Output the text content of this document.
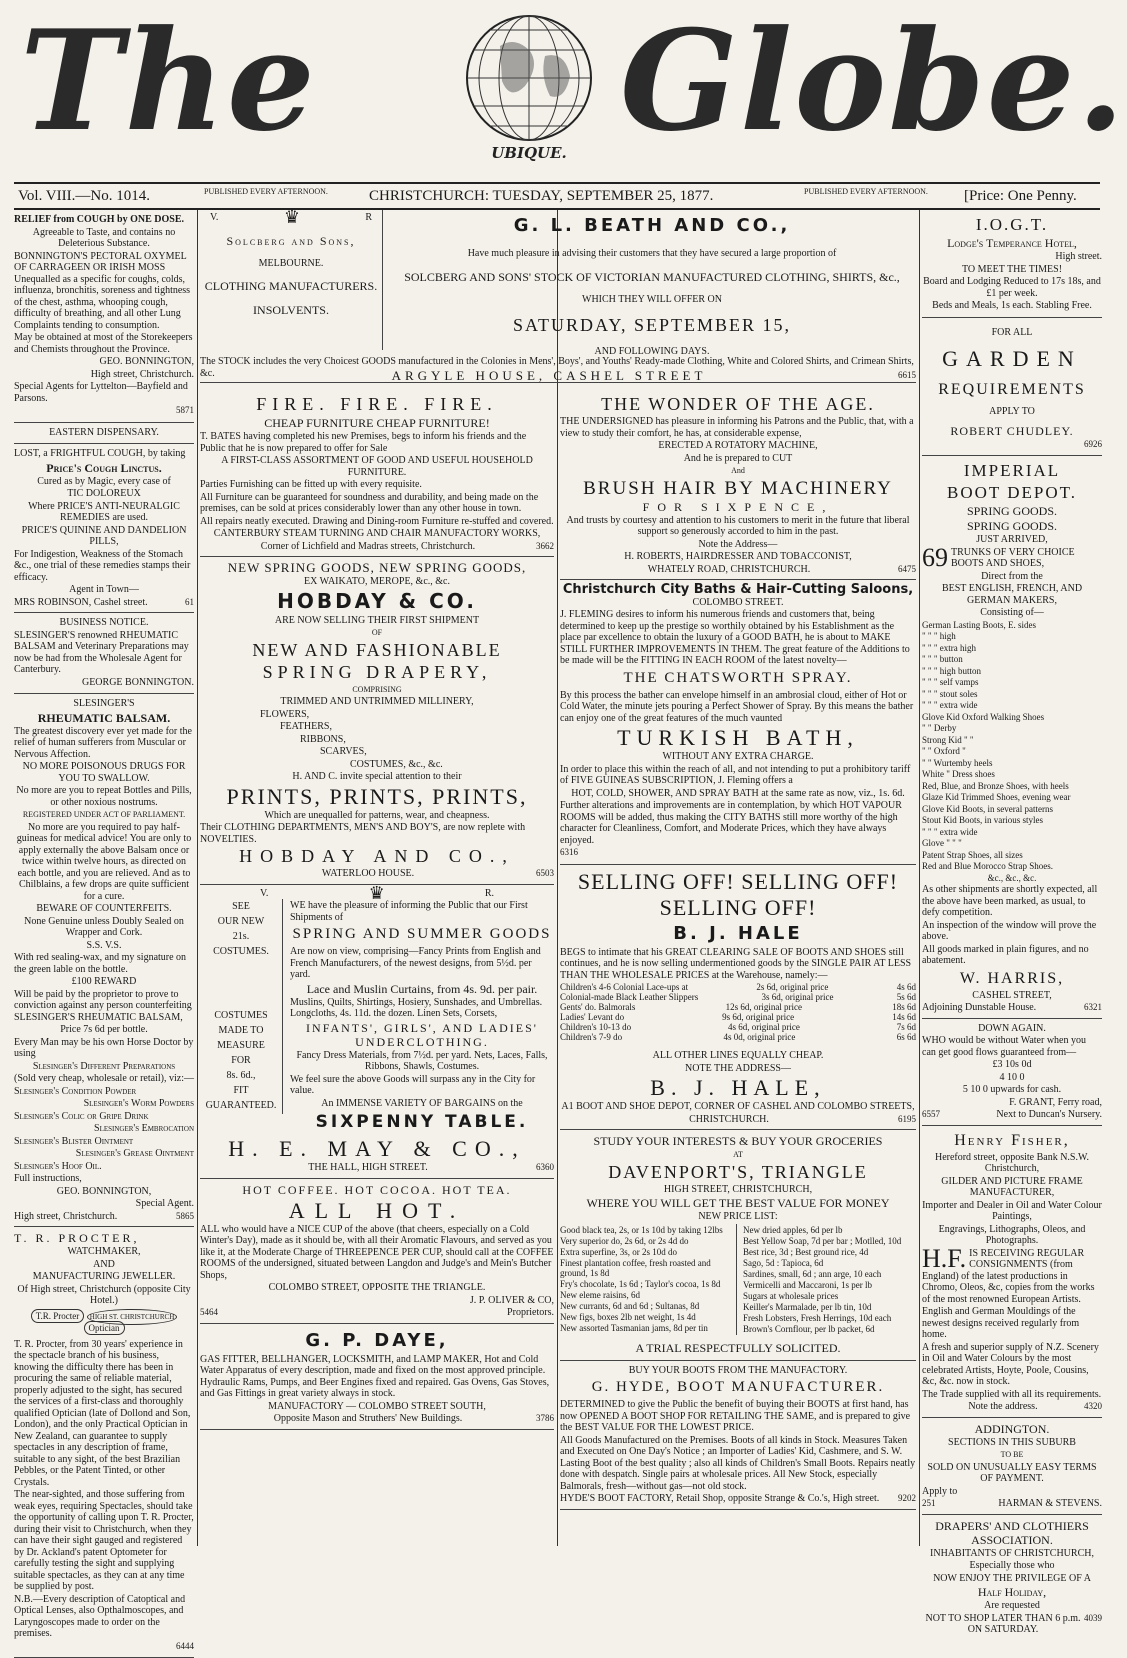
The	UBIQUE. Globe.
Vol. VIII.—No. 1014.	PUBLISHED EVERY AFTERNOON.	CHRISTCHURCH: TUESDAY, SEPTEMBER 25, 1877.	PUBLISHED EVERY AFTERNOON. [Price: One Penny.

RELIEF from COUGH by ONE DOSE.

Agreeable to Taste, and contains no Deleterious Substance.

BONNINGTON'S PECTORAL OXYMEL OF CARRAGEEN OR IRISH MOSS Unequalled as a specific for coughs, colds, influenza, bronchitis, soreness and tightness of the chest, asthma, whooping cough, difficulty of breathing, and all other Lung Complaints tending to consumption.

May be obtained at most of the Storekeepers and Chemists throughout the Province.

GEO. BONNINGTON,

High street, Christchurch.

Special Agents for Lyttelton—Bayfield and Parsons.

5871

EASTERN DISPENSARY.

LOST, a FRIGHTFUL COUGH, by taking

Price's Cough Linctus.

Cured as by Magic, every case of

TIC DOLOREUX

Where PRICE'S ANTI-NEURALGIC REMEDIES are used.

PRICE'S QUININE AND DANDELION PILLS,

For Indigestion, Weakness of the Stomach &c., one trial of these remedies stamps their efficacy.

Agent in Town—

MRS ROBINSON, Cashel street.	61

BUSINESS NOTICE.

SLESINGER'S renowned RHEUMATIC BALSAM and Veterinary Preparations may now be had from the Wholesale Agent for Canterbury.

GEORGE BONNINGTON.

SLESINGER'S

RHEUMATIC BALSAM.

The greatest discovery ever yet made for the relief of human sufferers from Muscular or Nervous Affection.

NO MORE POISONOUS DRUGS FOR YOU TO SWALLOW.

No more are you to repeat Bottles and Pills, or other noxious nostrums.

REGISTERED UNDER ACT OF PARLIAMENT.

No more are you required to pay half-guineas for medical advice! You are only to apply externally the above Balsam once or twice within twelve hours, as directed on each bottle, and you are relieved. And as to Chilblains, a few drops are quite sufficient for a cure.

BEWARE OF COUNTERFEITS.

None Genuine unless Doubly Sealed on Wrapper and Cork.

S.S. V.S.

With red sealing-wax, and my signature on the green lable on the bottle.

£100 REWARD

Will be paid by the proprietor to prove to conviction against any person counterfeiting SLESINGER'S RHEUMATIC BALSAM,

Price 7s 6d per bottle.

Every Man may be his own Horse Doctor by using

Slesinger's Different Preparations

(Sold very cheap, wholesale or retail), viz:—

Slesinger's Condition Powder

Slesinger's Worm Powders

Slesinger's Colic or Gripe Drink

Slesinger's Embrocation

Slesinger's Blister Ointment

Slesinger's Grease Ointment

Slesinger's Hoof Oil.

Full instructions,

GEO. BONNINGTON,

Special Agent.

High street, Christchurch.	5865

T. R. PROCTER,

WATCHMAKER,

AND

MANUFACTURING JEWELLER.

Of High street, Christchurch (opposite City Hotel.)

T.R. Procter HIGH ST. CHRISTCHURCH Optician

T. R. Procter, from 30 years' experience in the spectacle branch of his business, knowing the difficulty there has been in procuring the same of reliable material, properly adjusted to the sight, has secured the services of a first-class and thoroughly qualified Optician (late of Dollond and Son, London), and the only Practical Optician in New Zealand, can guarantee to supply spectacles in any description of frame, suitable to any sight, of the best Brazilian Pebbles, or the Patent Tinted, or other Crystals.

The near-sighted, and those suffering from weak eyes, requiring Spectacles, should take the opportunity of calling upon T. R. Procter, during their visit to Christchurch, when they can have their sight gauged and registered by Dr. Ackland's patent Optometer for carefully testing the sight and supplying suitable spectacles, as they can at any time be supplied by post.

N.B.—Every description of Catoptical and Optical Lenses, also Opthalmoscopes, and Laryngoscopes made to order on the premises.

6444

V.	♛	R

Solcberg and Sons,

MELBOURNE.

CLOTHING MANUFACTURERS.

INSOLVENTS.

G. L. BEATH AND CO.,

Have much pleasure in advising their customers that they have secured a large proportion of

SOLCBERG AND SONS' STOCK OF VICTORIAN MANUFACTURED CLOTHING, SHIRTS, &c.,

WHICH THEY WILL OFFER ON

SATURDAY, SEPTEMBER 15,

AND FOLLOWING DAYS.

The STOCK includes the very Choicest GOODS manufactured in the Colonies in Mens', Boys', and Youths' Ready-made Clothing, White and Colored Shirts, and Crimean Shirts, &c.	ARGYLE HOUSE, CASHEL STREET	6615

FIRE. FIRE. FIRE.

CHEAP FURNITURE CHEAP FURNITURE!

T. BATES having completed his new Premises, begs to inform his friends and the Public that he is now prepared to offer for Sale

A FIRST-CLASS ASSORTMENT OF GOOD AND USEFUL HOUSEHOLD FURNITURE.

Parties Furnishing can be fitted up with every requisite.

All Furniture can be guaranteed for soundness and durability, and being made on the premises, can be sold at prices considerably lower than any other house in town.

All repairs neatly executed. Drawing and Dining-room Furniture re-stuffed and covered.

CANTERBURY STEAM TURNING AND CHAIR MANUFACTORY WORKS,

Corner of Lichfield and Madras streets, Christchurch.	3662

NEW SPRING GOODS, NEW SPRING GOODS,

EX WAIKATO, MEROPE, &c., &c.

HOBDAY & CO.

ARE NOW SELLING THEIR FIRST SHIPMENT

OF

NEW AND FASHIONABLE

SPRING DRAPERY,

COMPRISING

TRIMMED AND UNTRIMMED MILLINERY,

FLOWERS,

FEATHERS,

RIBBONS,

SCARVES,

COSTUMES, &c., &c.

H. AND C. invite special attention to their

PRINTS, PRINTS, PRINTS,

Which are unequalled for patterns, wear, and cheapness.

Their CLOTHING DEPARTMENTS, MEN'S AND BOY'S, are now replete with NOVELTIES.

HOBDAY AND CO.,

WATERLOO HOUSE.	6503
V.	♛	R.

SEE

OUR NEW

21s.

COSTUMES.

COSTUMES

MADE TO

MEASURE

FOR

8s. 6d.,

FIT

GUARANTEED.

WE have the pleasure of informing the Public that our First Shipments of

SPRING AND SUMMER GOODS

Are now on view, comprising—Fancy Prints from English and French Manufacturers, of the newest designs, from 5½d. per yard.

Lace and Muslin Curtains, from 4s. 9d. per pair.

Muslins, Quilts, Shirtings, Hosiery, Sunshades, and Umbrellas. Longcloths, 4s. 11d. the dozen. Linen Sets, Corsets,

INFANTS', GIRLS', AND LADIES' UNDERCLOTHING.

Fancy Dress Materials, from 7½d. per yard. Nets, Laces, Falls, Ribbons, Shawls, Costumes.

We feel sure the above Goods will surpass any in the City for value.

An IMMENSE VARIETY OF BARGAINS on the

SIXPENNY TABLE.

H. E. MAY & CO.,

THE HALL, HIGH STREET.	6360

HOT COFFEE. HOT COCOA. HOT TEA.

ALL HOT.

ALL who would have a NICE CUP of the above (that cheers, especially on a Cold Winter's Day), made as it should be, with all their Aromatic Flavours, and served as you like it, at the Moderate Charge of THREEPENCE PER CUP, should call at the COFFEE ROOMS of the undersigned, situated between Langdon and Judge's and Mein's Butcher Shops,

COLOMBO STREET, OPPOSITE THE TRIANGLE.

J. P. OLIVER & CO,

5464	Proprietors.

G. P. DAYE,

GAS FITTER, BELLHANGER, LOCKSMITH, and LAMP MAKER, Hot and Cold Water Apparatus of every description, made and fixed on the most approved principle. Hydraulic Rams, Pumps, and Beer Engines fixed and repaired. Gas Ovens, Gas Stoves, and Gas Fittings in great variety always in stock.

MANUFACTORY — COLOMBO STREET SOUTH,

Opposite Mason and Struthers' New Buildings.	3786

THE WONDER OF THE AGE.

THE UNDERSIGNED has pleasure in informing his Patrons and the Public, that, with a view to study their comfort, he has, at considerable expense,

ERECTED A ROTATORY MACHINE,

And he is prepared to CUT

And

BRUSH HAIR BY MACHINERY

FOR SIXPENCE,

And trusts by courtesy and attention to his customers to merit in the future that liberal support so generously accorded to him in the past.

Note the Address—

H. ROBERTS, HAIRDRESSER AND TOBACCONIST,

WHATELY ROAD, CHRISTCHURCH.	6475

Christchurch City Baths & Hair-Cutting Saloons,

COLOMBO STREET.

J. FLEMING desires to inform his numerous friends and customers that, being determined to keep up the prestige so worthily obtained by his Establishment as the place par excellence to obtain the luxury of a GOOD BATH, he is about to MAKE STILL FURTHER IMPROVEMENTS IN THEM. The great feature of the Additions to be made will be the FITTING IN EACH ROOM of the latest novelty—

THE CHATSWORTH SPRAY.

By this process the bather can envelope himself in an ambrosial cloud, either of Hot or Cold Water, the minute jets pouring a Perfect Shower of Spray. By this means the bather can enjoy one of the great features of the much vaunted

TURKISH BATH,

WITHOUT ANY EXTRA CHARGE.

In order to place this within the reach of all, and not intending to put a prohibitory tariff of FIVE GUINEAS SUBSCRIPTION, J. Fleming offers a

HOT, COLD, SHOWER, AND SPRAY BATH at the same rate as now, viz., 1s. 6d.

Further alterations and improvements are in contemplation, by which HOT VAPOUR ROOMS will be added, thus making the CITY BATHS still more worthy of the high character for Cleanliness, Comfort, and Moderate Prices, which they have always enjoyed.

6316

SELLING OFF! SELLING OFF!

SELLING OFF!

B. J. HALE

BEGS to intimate that his GREAT CLEARING SALE OF BOOTS AND SHOES still continues, and he is now selling undermentioned goods by the SINGLE PAIR AT LESS THAN THE WHOLESALE PRICES at the Warehouse, namely:—

Children's 4-6 Colonial Lace-ups at	2s 6d, original price	4s 6d
Colonial-made Black Leather Slippers	3s 6d, original price	5s 6d
Gents' do. Balmorals	12s 6d, original price	18s 6d
Ladies' Levant do	9s 6d, original price	14s 6d
Children's 10-13 do	4s 6d, original price	7s 6d
Children's 7-9 do	4s 0d, original price	6s 6d

ALL OTHER LINES EQUALLY CHEAP.

NOTE THE ADDRESS—

B. J. HALE,

A1 BOOT AND SHOE DEPOT, CORNER OF CASHEL AND COLOMBO STREETS,

CHRISTCHURCH.	6195

STUDY YOUR INTERESTS & BUY YOUR GROCERIES

AT

DAVENPORT'S, TRIANGLE

HIGH STREET, CHRISTCHURCH,

WHERE YOU WILL GET THE BEST VALUE FOR MONEY

NEW PRICE LIST:

Good black tea, 2s, or 1s 10d by taking 12lbs

Very superior do, 2s 6d, or 2s 4d do

Extra superfine, 3s, or 2s 10d do

Finest plantation coffee, fresh roasted and ground, 1s 8d

Fry's chocolate, 1s 6d ; Taylor's cocoa, 1s 8d

New eleme raisins, 6d

New currants, 6d and 6d ; Sultanas, 8d

New figs, boxes 2lb net weight, 1s 4d

New assorted Tasmanian jams, 8d per tin

New dried apples, 6d per lb

Best Yellow Soap, 7d per bar ; Motlled, 10d

Best rice, 3d ; Best ground rice, 4d

Sago, 5d : Tapioca, 6d

Sardines, small, 6d ; ann arge, 10 each

Vermicelli and Maccaroni, 1s per lb

Sugars at wholesale prices

Keiller's Marmalade, per lb tin, 10d

Fresh Lobsters, Fresh Herrings, 10d each

Brown's Cornflour, per lb packet, 6d

A TRIAL RESPECTFULLY SOLICITED.

BUY YOUR BOOTS FROM THE MANUFACTORY.

G. HYDE, BOOT MANUFACTURER.

DETERMINED to give the Public the benefit of buying their BOOTS at first hand, has now OPENED A BOOT SHOP FOR RETAILING THE SAME, and is prepared to give the BEST VALUE FOR THE LOWEST PRICE.

All Goods Manufactured on the Premises. Boots of all kinds in Stock. Measures Taken and Executed on One Day's Notice ; an Importer of Ladies' Kid, Cashmere, and S. W. Lasting Boot of the best quality ; also all kinds of Children's Small Boots. Repairs neatly done with despatch. Single pairs at wholesale prices. All New Stock, especially Balmorals, fresh—without gas—not old stock.

HYDE'S BOOT FACTORY, Retail Shop, opposite Strange & Co.'s, High street. 9202

I.O.G.T.

Lodge's Temperance Hotel,

High street.

TO MEET THE TIMES!

Board and Lodging Reduced to 17s 18s, and £1 per week.

Beds and Meals, 1s each. Stabling Free.

FOR ALL

GARDEN

REQUIREMENTS

APPLY TO

ROBERT CHUDLEY.

6926

IMPERIAL

BOOT DEPOT.

SPRING GOODS.

SPRING GOODS.

JUST ARRIVED,

69 TRUNKS OF VERY CHOICE BOOTS AND SHOES,

Direct from the

BEST ENGLISH, FRENCH, AND GERMAN MAKERS,

Consisting of—

German Lasting Boots, E. sides

" " " high

" " " extra high

" " " button

" " " high button

" " " self vamps

" " " stout soles

" " " extra wide

Glove Kid Oxford Walking Shoes

" " Derby

Strong Kid " "

" " Oxford "

" " Wurtemby heels

White " Dress shoes

Red, Blue, and Bronze Shoes, with heels

Glaze Kid Trimmed Shoes, evening wear

Glove Kid Boots, in several patterns

Stout Kid Boots, in various styles

" " " extra wide

Glove " " "

Patent Strap Shoes, all sizes

Red and Blue Morocco Strap Shoes.

&c., &c., &c.

As other shipments are shortly expected, all the above have been marked, as usual, to defy competition.

An inspection of the window will prove the above.

All goods marked in plain figures, and no abatement.

W. HARRIS,

CASHEL STREET,

Adjoining Dunstable House.	6321

DOWN AGAIN.

WHO would be without Water when you can get good flows guaranteed from—

£3 10s 0d

4 10 0

5 10 0 upwards for cash.

F. GRANT, Ferry road,

6557	Next to Duncan's Nursery.

Henry Fisher,

Hereford street, opposite Bank N.S.W. Christchurch,

GILDER AND PICTURE FRAME MANUFACTURER,

Importer and Dealer in Oil and Water Colour Paintings,

Engravings, Lithographs, Oleos, and Photographs.

H.F. IS RECEIVING REGULAR CONSIGNMENTS (from England) of the latest productions in Chromo, Oleos, &c, copies from the works of the most renowned European Artists.

English and German Mouldings of the newest designs received regularly from home.

A fresh and superior supply of N.Z. Scenery in Oil and Water Colours by the most celebrated Artists, Hoyte, Poole, Cousins, &c, &c. now in stock.

The Trade supplied with all its requirements.

Note the address.	4320

ADDINGTON.

SECTIONS IN THIS SUBURB

TO BE

SOLD ON UNUSUALLY EASY TERMS OF PAYMENT.

Apply to

251	HARMAN & STEVENS.

DRAPERS' AND CLOTHIERS ASSOCIATION.

INHABITANTS OF CHRISTCHURCH,

Especially those who

NOW ENJOY THE PRIVILEGE OF A

Half Holiday,

Are requested

NOT TO SHOP LATER THAN 6 p.m. ON SATURDAY.
4039
